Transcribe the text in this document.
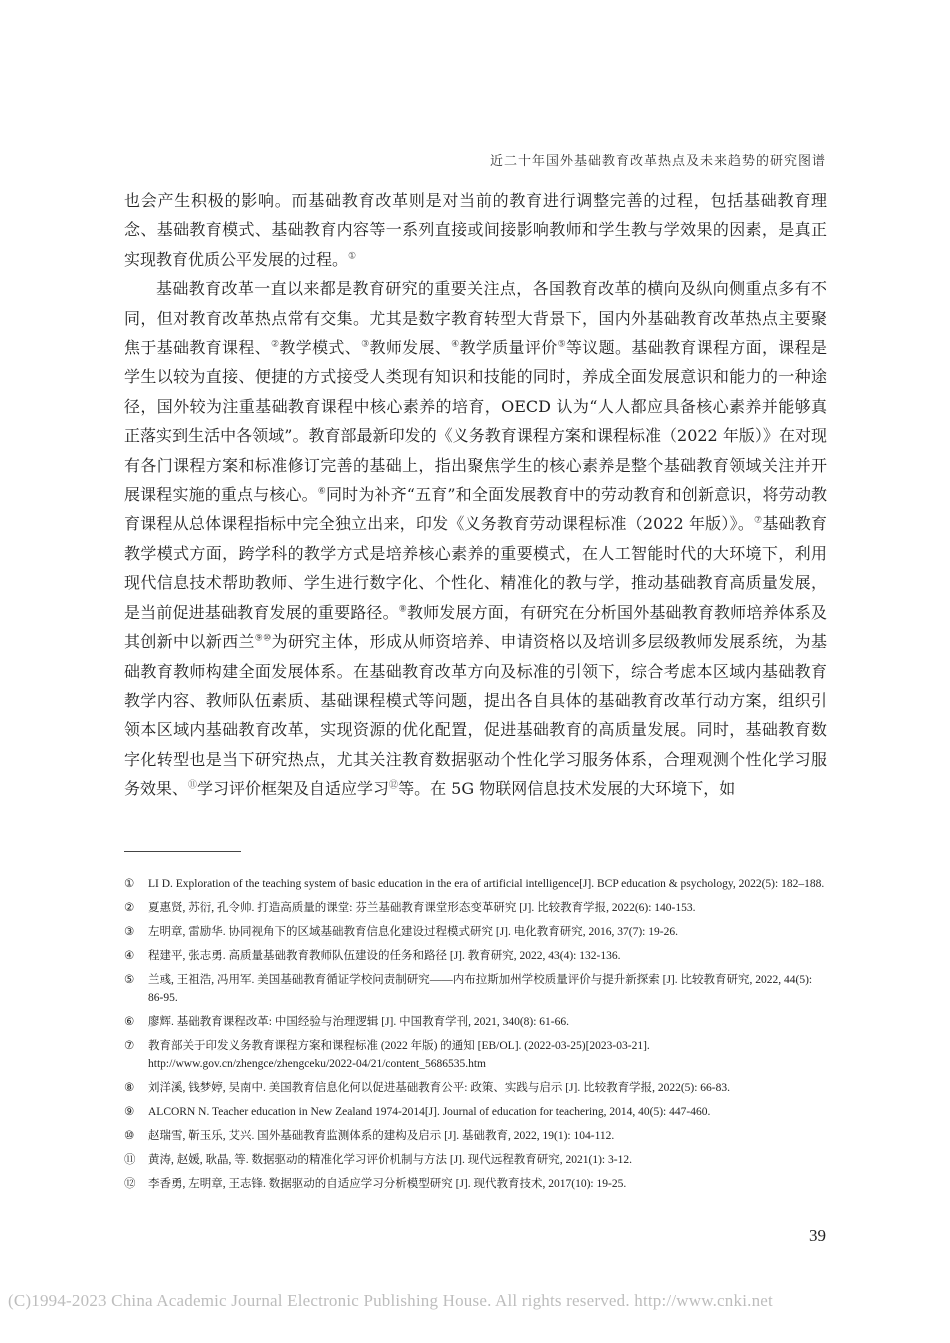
近二十年国外基础教育改革热点及未来趋势的研究图谱

也会产生积极的影响。而基础教育改革则是对当前的教育进行调整完善的过程，包括基础教育理念、基础教育模式、基础教育内容等一系列直接或间接影响教师和学生教与学效果的因素，是真正实现教育优质公平发展的过程。①

基础教育改革一直以来都是教育研究的重要关注点，各国教育改革的横向及纵向侧重点多有不同，但对教育改革热点常有交集。尤其是数字教育转型大背景下，国内外基础教育改革热点主要聚焦于基础教育课程、②教学模式、③教师发展、④教学质量评价⑤等议题。基础教育课程方面，课程是学生以较为直接、便捷的方式接受人类现有知识和技能的同时，养成全面发展意识和能力的一种途径，国外较为注重基础教育课程中核心素养的培育，OECD 认为“人人都应具备核心素养并能够真正落实到生活中各领域”。教育部最新印发的《义务教育课程方案和课程标准（2022 年版）》在对现有各门课程方案和标准修订完善的基础上，指出聚焦学生的核心素养是整个基础教育领域关注并开展课程实施的重点与核心。⑥同时为补齐“五育”和全面发展教育中的劳动教育和创新意识，将劳动教育课程从总体课程指标中完全独立出来，印发《义务教育劳动课程标准（2022 年版）》。⑦基础教育教学模式方面，跨学科的教学方式是培养核心素养的重要模式，在人工智能时代的大环境下，利用现代信息技术帮助教师、学生进行数字化、个性化、精准化的教与学，推动基础教育高质量发展，是当前促进基础教育发展的重要路径。⑧教师发展方面，有研究在分析国外基础教育教师培养体系及其创新中以新西兰⑨⑩为研究主体，形成从师资培养、申请资格以及培训多层级教师发展系统，为基础教育教师构建全面发展体系。在基础教育改革方向及标准的引领下，综合考虑本区域内基础教育教学内容、教师队伍素质、基础课程模式等问题，提出各自具体的基础教育改革行动方案，组织引领本区域内基础教育改革，实现资源的优化配置，促进基础教育的高质量发展。同时，基础教育数字化转型也是当下研究热点，尤其关注教育数据驱动个性化学习服务体系，合理观测个性化学习服务效果、⑪学习评价框架及自适应学习⑫等。在 5G 物联网信息技术发展的大环境下，如

①	LI D. Exploration of the teaching system of basic education in the era of artificial intelligence[J]. BCP education & psychology, 2022(5): 182–188.
②	夏惠贤, 苏衍, 孔令帅. 打造高质量的课堂: 芬兰基础教育课堂形态变革研究 [J]. 比较教育学报, 2022(6): 140-153.
③	左明章, 雷励华. 协同视角下的区域基础教育信息化建设过程模式研究 [J]. 电化教育研究, 2016, 37(7): 19-26.
④	程建平, 张志勇. 高质量基础教育教师队伍建设的任务和路径 [J]. 教育研究, 2022, 43(4): 132-136.
⑤	兰彧, 王祖浩, 冯用军. 美国基础教育循证学校问责制研究——内布拉斯加州学校质量评价与提升新探索 [J]. 比较教育研究, 2022, 44(5): 86-95.
⑥	廖辉. 基础教育课程改革: 中国经验与治理逻辑 [J]. 中国教育学刊, 2021, 340(8): 61-66.
⑦	教育部关于印发义务教育课程方案和课程标准 (2022 年版) 的通知 [EB/OL]. (2022-03-25)[2023-03-21]. http://www.gov.cn/zhengce/zhengceku/2022-04/21/content_5686535.htm
⑧	刘洋溪, 钱梦婷, 吴南中. 美国教育信息化何以促进基础教育公平: 政策、实践与启示 [J]. 比较教育学报, 2022(5): 66-83.
⑨	ALCORN N. Teacher education in New Zealand 1974-2014[J]. Journal of education for teachering, 2014, 40(5): 447-460.
⑩	赵瑞雪, 靳玉乐, 艾兴. 国外基础教育监测体系的建构及启示 [J]. 基础教育, 2022, 19(1): 104-112.
⑪	黄涛, 赵媛, 耿晶, 等. 数据驱动的精准化学习评价机制与方法 [J]. 现代远程教育研究, 2021(1): 3-12.
⑫	李香勇, 左明章, 王志锋. 数据驱动的自适应学习分析模型研究 [J]. 现代教育技术, 2017(10): 19-25.
39
(C)1994-2023 China Academic Journal Electronic Publishing House. All rights reserved. http://www.cnki.net
